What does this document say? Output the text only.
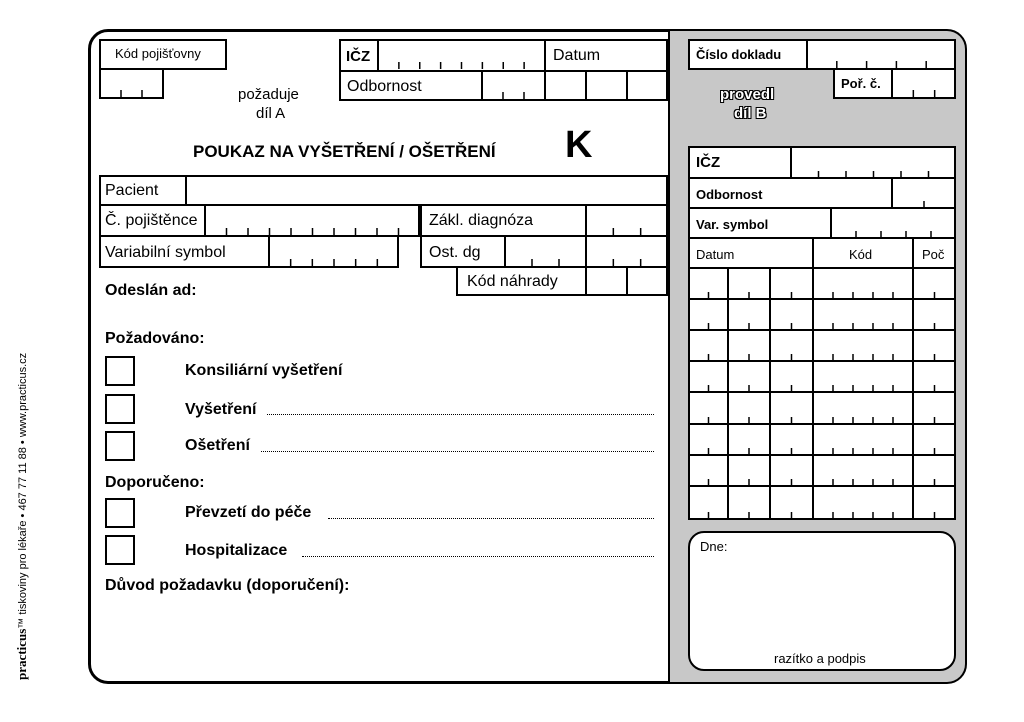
practicus™ tiskoviny pro lékaře • 467 77 11 88 • www.practicus.cz
Kód pojišťovny	IČZ	Datum
Odbornost
požaduje
díl A
POUKAZ NA VYŠETŘENÍ / OŠETŘENÍ K
Pacient
Č. pojištěnce
Variabilní symbol
Zákl. diagnóza
Ost. dg
Kód náhrady
Odeslán ad:
Požadováno:
Konsiliární vyšetření
Vyšetření
Ošetření
Doporučeno:
Převzetí do péče
Hospitalizace
Důvod požadavku (doporučení):
Číslo dokladu
Poř. č.
provedl
díl B
IČZ
Odbornost
Var. symbol
Datum	Kód	Poč
Dne:
razítko a podpis
